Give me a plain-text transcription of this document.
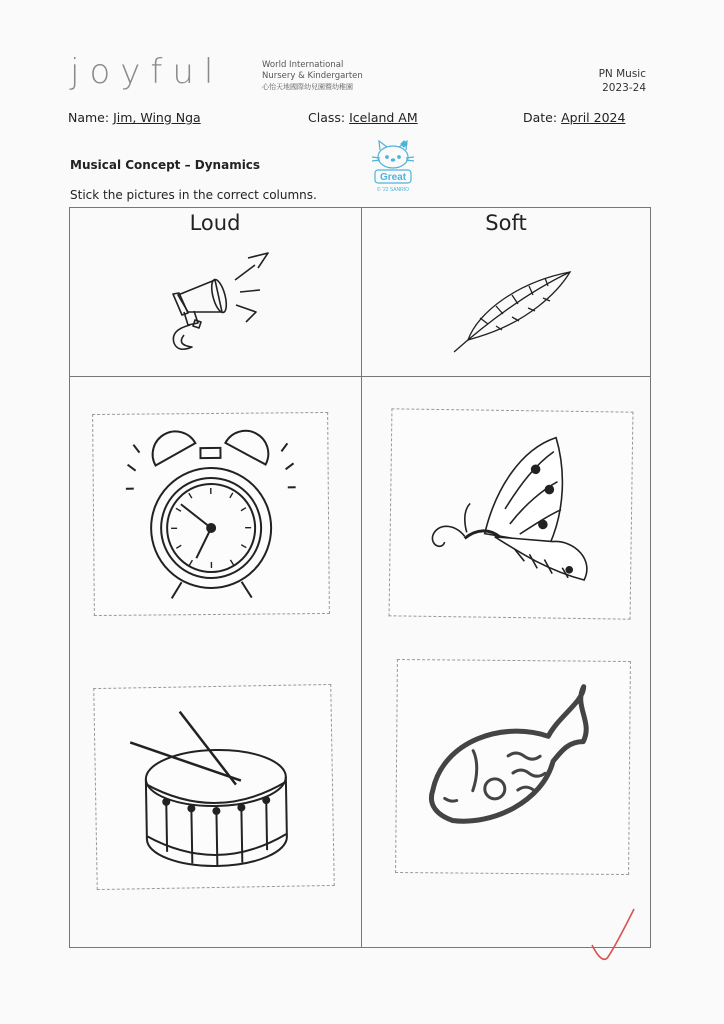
joyful	World International
Nursery & Kindergarten
心怡天地國際幼兒園暨幼稚園
PN Music
2023-24
Name: Jim, Wing Nga	Class: Iceland AM	Date: April 2024
Musical Concept – Dynamics
Stick the pictures in the correct columns.
Great
© '22 SANRIO
Loud	Soft
